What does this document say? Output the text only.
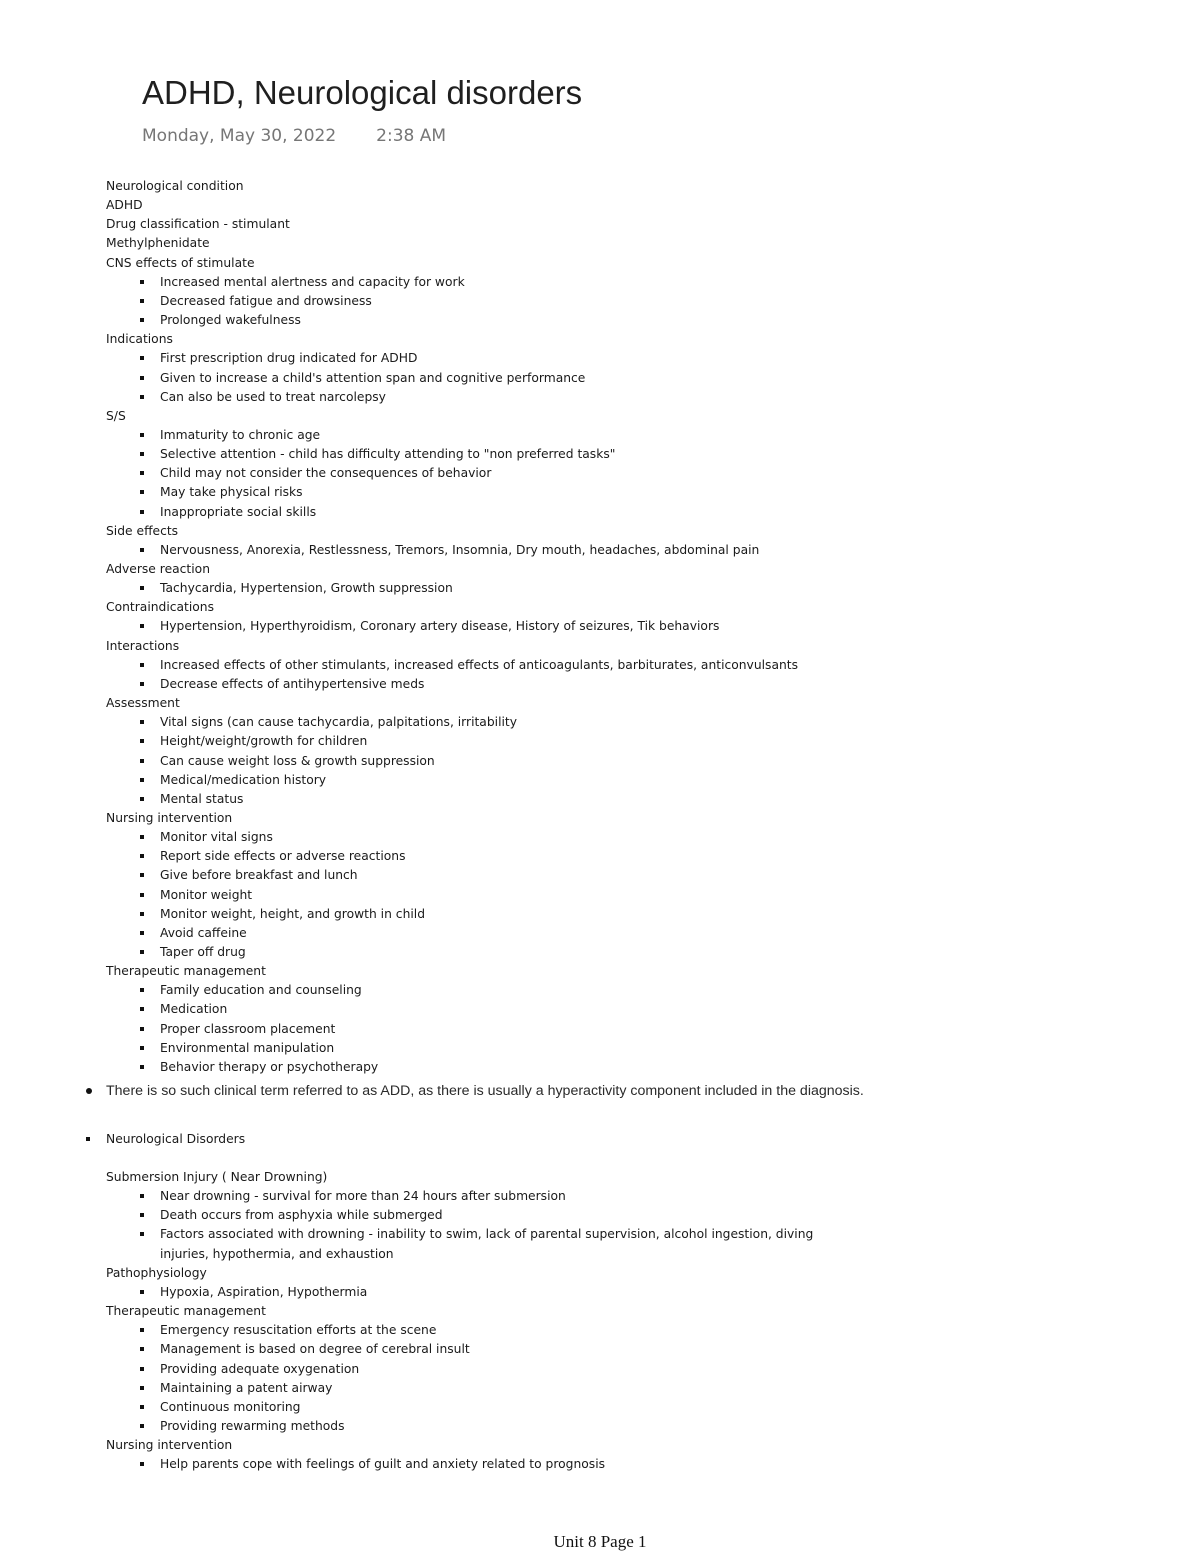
ADHD, Neurological disorders
Monday, May 30, 2022 2:38 AM
Neurological condition
ADHD
Drug classification - stimulant
Methylphenidate
CNS effects of stimulate
Increased mental alertness and capacity for work
Decreased fatigue and drowsiness
Prolonged wakefulness
Indications
First prescription drug indicated for ADHD
Given to increase a child's attention span and cognitive performance
Can also be used to treat narcolepsy
S/S
Immaturity to chronic age
Selective attention - child has difficulty attending to "non preferred tasks"
Child may not consider the consequences of behavior
May take physical risks
Inappropriate social skills
Side effects
Nervousness, Anorexia, Restlessness, Tremors, Insomnia, Dry mouth, headaches, abdominal pain
Adverse reaction
Tachycardia, Hypertension, Growth suppression
Contraindications
Hypertension, Hyperthyroidism, Coronary artery disease, History of seizures, Tik behaviors
Interactions
Increased effects of other stimulants, increased effects of anticoagulants, barbiturates, anticonvulsants
Decrease effects of antihypertensive meds
Assessment
Vital signs (can cause tachycardia, palpitations, irritability
Height/weight/growth for children
Can cause weight loss & growth suppression
Medical/medication history
Mental status
Nursing intervention
Monitor vital signs
Report side effects or adverse reactions
Give before breakfast and lunch
Monitor weight
Monitor weight, height, and growth in child
Avoid caffeine
Taper off drug
Therapeutic management
Family education and counseling
Medication
Proper classroom placement
Environmental manipulation
Behavior therapy or psychotherapy
There is so such clinical term referred to as ADD, as there is usually a hyperactivity component included in the diagnosis.
Neurological Disorders
Submersion Injury ( Near Drowning)
Near drowning - survival for more than 24 hours after submersion
Death occurs from asphyxia while submerged
Factors associated with drowning - inability to swim, lack of parental supervision, alcohol ingestion, diving
injuries, hypothermia, and exhaustion
Pathophysiology
Hypoxia, Aspiration, Hypothermia
Therapeutic management
Emergency resuscitation efforts at the scene
Management is based on degree of cerebral insult
Providing adequate oxygenation
Maintaining a patent airway
Continuous monitoring
Providing rewarming methods
Nursing intervention
Help parents cope with feelings of guilt and anxiety related to prognosis
Unit 8 Page 1
